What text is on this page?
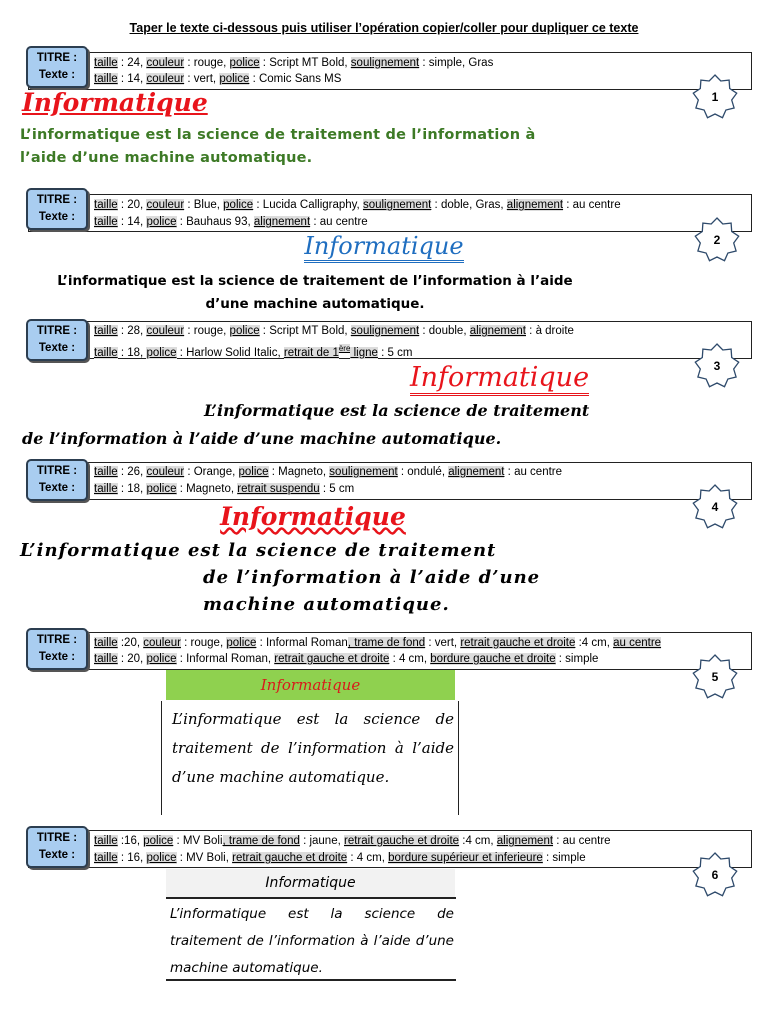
Taper le texte ci-dessous puis utiliser l’opération copier/coller pour dupliquer ce texte
TITRE :
Texte :
taille : 24, couleur : rouge, police : Script MT Bold, soulignement : simple, Gras
taille : 14, couleur : vert, police : Comic Sans MS
1
Informatique
L’informatique est la science de traitement de l’information à
l’aide d’une machine automatique.
TITRE :
Texte :
taille : 20, couleur : Blue, police : Lucida Calligraphy, soulignement : doble, Gras, alignement : au centre
taille : 14, police : Bauhaus 93, alignement : au centre
2
Informatique
L’informatique est la science de traitement de l’information à l’aide
d’une machine automatique.
TITRE :
Texte :
taille : 28, couleur : rouge, police : Script MT Bold, soulignement : double, alignement : à droite
taille : 18, police : Harlow Solid Italic, retrait de 1ère ligne : 5 cm
3
Informatique
L’informatique est la science de traitement
de l’information à l’aide d’une machine automatique.
TITRE :
Texte :
taille : 26, couleur : Orange, police : Magneto, soulignement : ondulé, alignement : au centre
taille : 18, police : Magneto, retrait suspendu : 5 cm
4
Informatique
L’informatique est la science de traitement
de l’information à l’aide d’une
machine automatique.
TITRE :
Texte :
taille :20, couleur : rouge, police : Informal Roman, trame de fond : vert, retrait gauche et droite :4 cm, au centre
taille : 20, police : Informal Roman, retrait gauche et droite : 4 cm, bordure gauche et droite : simple
5
Informatique
L’informatique est la science de traitement de l’information à l’aide d’une machine automatique.
TITRE :
Texte :
taille :16, police : MV Boli, trame de fond : jaune, retrait gauche et droite :4 cm, alignement : au centre
taille : 16, police : MV Boli, retrait gauche et droite : 4 cm, bordure supérieur et inferieure : simple
6
Informatique
L’informatique est la science de traitement de l’information à l’aide d’une machine automatique.
